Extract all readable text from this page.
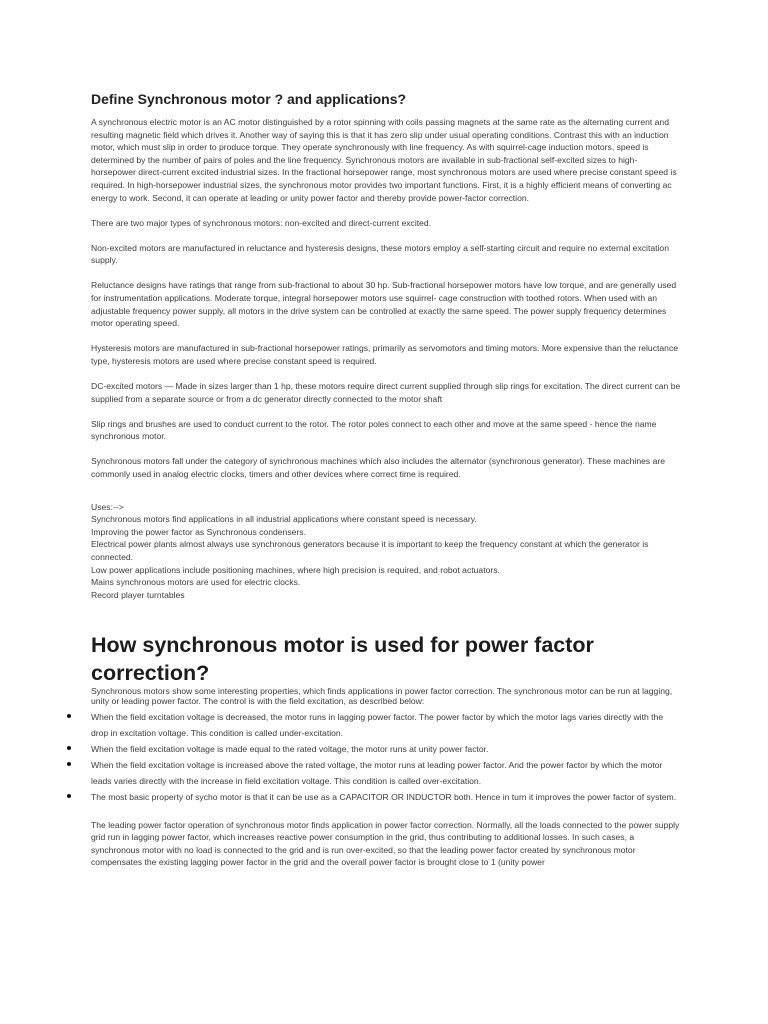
Define Synchronous motor ? and applications?

A synchronous electric motor is an AC motor distinguished by a rotor spinning with coils passing magnets at the same rate as the alternating current and resulting magnetic field which drives it. Another way of saying this is that it has zero slip under usual operating conditions. Contrast this with an induction motor, which must slip in order to produce torque. They operate synchronously with line frequency. As with squirrel-cage induction motors, speed is determined by the number of pairs of poles and the line frequency. Synchronous motors are available in sub-fractional self-excited sizes to high-horsepower direct-current excited industrial sizes. In the fractional horsepower range, most synchronous motors are used where precise constant speed is required. In high-horsepower industrial sizes, the synchronous motor provides two important functions. First, it is a highly efficient means of converting ac energy to work. Second, it can operate at leading or unity power factor and thereby provide power-factor correction.

There are two major types of synchronous motors: non-excited and direct-current excited.

Non-excited motors are manufactured in reluctance and hysteresis designs, these motors employ a self-starting circuit and require no external excitation supply.

Reluctance designs have ratings that range from sub-fractional to about 30 hp. Sub-fractional horsepower motors have low torque, and are generally used for instrumentation applications. Moderate torque, integral horsepower motors use squirrel- cage construction with toothed rotors. When used with an adjustable frequency power supply, all motors in the drive system can be controlled at exactly the same speed. The power supply frequency determines motor operating speed.

Hysteresis motors are manufactured in sub-fractional horsepower ratings, primarily as servomotors and timing motors. More expensive than the reluctance type, hysteresis motors are used where precise constant speed is required.

DC-excited motors — Made in sizes larger than 1 hp, these motors require direct current supplied through slip rings for excitation. The direct current can be supplied from a separate source or from a dc generator directly connected to the motor shaft

Slip rings and brushes are used to conduct current to the rotor. The rotor poles connect to each other and move at the same speed - hence the name synchronous motor.

Synchronous motors fall under the category of synchronous machines which also includes the alternator (synchronous generator). These machines are commonly used in analog electric clocks, timers and other devices where correct time is required.

Uses:-->
Synchronous motors find applications in all industrial applications where constant speed is necessary.
Improving the power factor as Synchronous condensers.
Electrical power plants almost always use synchronous generators because it is important to keep the frequency constant at which the generator is connected.
Low power applications include positioning machines, where high precision is required, and robot actuators.
Mains synchronous motors are used for electric clocks.
Record player turntables
How synchronous motor is used for power factor correction?

Synchronous motors show some interesting properties, which finds applications in power factor correction. The synchronous motor can be run at lagging, unity or leading power factor. The control is with the field excitation, as described below:

When the field excitation voltage is decreased, the motor runs in lagging power factor. The power factor by which the motor lags varies directly with the drop in excitation voltage. This condition is called under-excitation.
When the field excitation voltage is made equal to the rated voltage, the motor runs at unity power factor.
When the field excitation voltage is increased above the rated voltage, the motor runs at leading power factor. And the power factor by which the motor leads varies directly with the increase in field excitation voltage. This condition is called over-excitation.
The most basic property of sycho motor is that it can be use as a CAPACITOR OR INDUCTOR both. Hence in turn it improves the power factor of system.

The leading power factor operation of synchronous motor finds application in power factor correction. Normally, all the loads connected to the power supply grid run in lagging power factor, which increases reactive power consumption in the grid, thus contributing to additional losses. In such cases, a synchronous motor with no load is connected to the grid and is run over-excited, so that the leading power factor created by synchronous motor compensates the existing lagging power factor in the grid and the overall power factor is brought close to 1 (unity power
